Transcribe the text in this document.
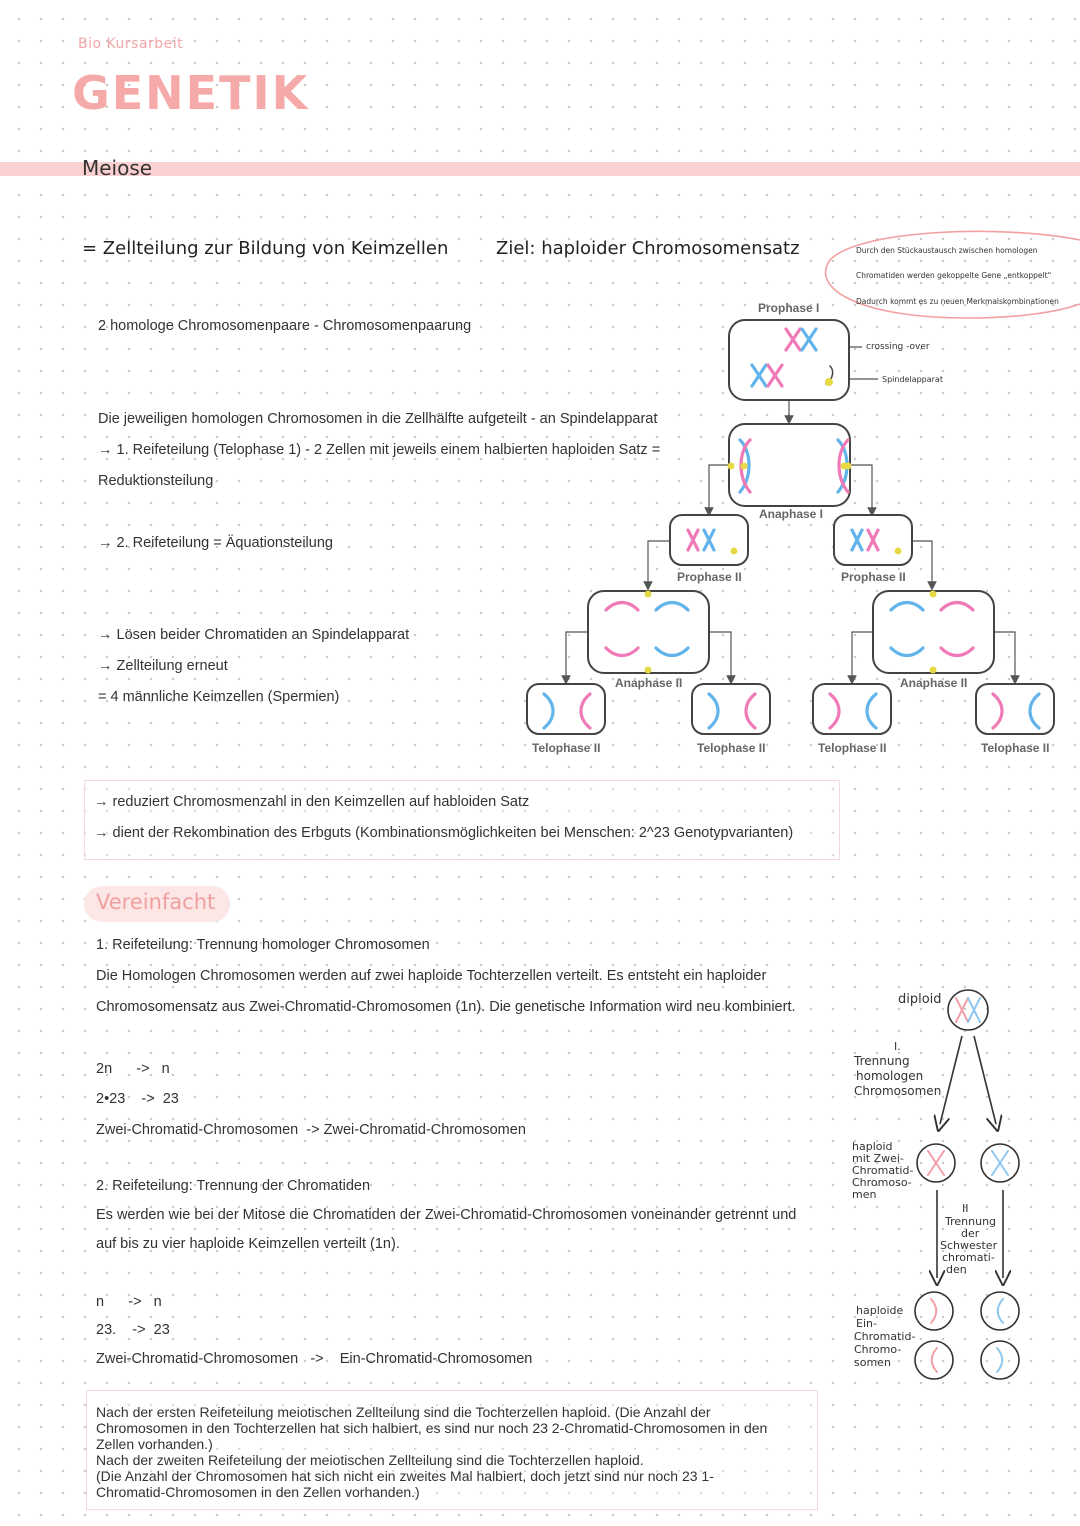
Bio Kursarbeit
GENETIK
Meiose
= Zellteilung zur Bildung von Keimzellen	Ziel: haploider Chromosomensatz
2 homologe Chromosomenpaare - Chromosomenpaarung
Die jeweiligen homologen Chromosomen in die Zellhälfte aufgeteilt - an Spindelapparat
→ 1. Reifeteilung (Telophase 1) - 2 Zellen mit jeweils einem halbierten haploiden Satz =
Reduktionsteilung
→ 2. Reifeteilung = Äquationsteilung
→ Lösen beider Chromatiden an Spindelapparat
→ Zellteilung erneut
= 4 männliche Keimzellen (Spermien)
Durch den Stückaustausch zwischen homologen
Chromatiden werden gekoppelte Gene „entkoppelt“
Dadurch kommt es zu neuen Merkmalskombinationen
Prophase I
crossing -over
Spindelapparat
Anaphase I
Prophase II	Prophase II
Anaphase II	Anaphase II
Telophase II	Telophase II	Telophase II	Telophase II
→ reduziert Chromosmenzahl in den Keimzellen auf habloiden Satz
→ dient der Rekombination des Erbguts (Kombinationsmöglichkeiten bei Menschen: 2^23 Genotypvarianten)
Vereinfacht
1. Reifeteilung: Trennung homologer Chromosomen
Die Homologen Chromosomen werden auf zwei haploide Tochterzellen verteilt. Es entsteht ein haploider
Chromosomensatz aus Zwei-Chromatid-Chromosomen (1n). Die genetische Information wird neu kombiniert.
2n      ->   n
2•23    ->  23
Zwei-Chromatid-Chromosomen  -> Zwei-Chromatid-Chromosomen
2. Reifeteilung: Trennung der Chromatiden
Es werden wie bei der Mitose die Chromatiden der Zwei-Chromatid-Chromosomen voneinander getrennt und
auf bis zu vier haploide Keimzellen verteilt (1n).
n      ->   n
23.    ->  23
Zwei-Chromatid-Chromosomen   ->    Ein-Chromatid-Chromosomen
diploid
I.
Trennung
homologen
Chromosomen
haploid
mit Zwei-
Chromatid-
Chromoso-
men
II
Trennung
der
Schwester
chromati-
den
haploide
Ein-
Chromatid-
Chromo-
somen
Nach der ersten Reifeteilung meiotischen Zellteilung sind die Tochterzellen haploid. (Die Anzahl der
Chromosomen in den Tochterzellen hat sich halbiert, es sind nur noch 23 2-Chromatid-Chromosomen in den
Zellen vorhanden.)
Nach der zweiten Reifeteilung der meiotischen Zellteilung sind die Tochterzellen haploid.
(Die Anzahl der Chromosomen hat sich nicht ein zweites Mal halbiert, doch jetzt sind nur noch 23 1-
Chromatid-Chromosomen in den Zellen vorhanden.)
